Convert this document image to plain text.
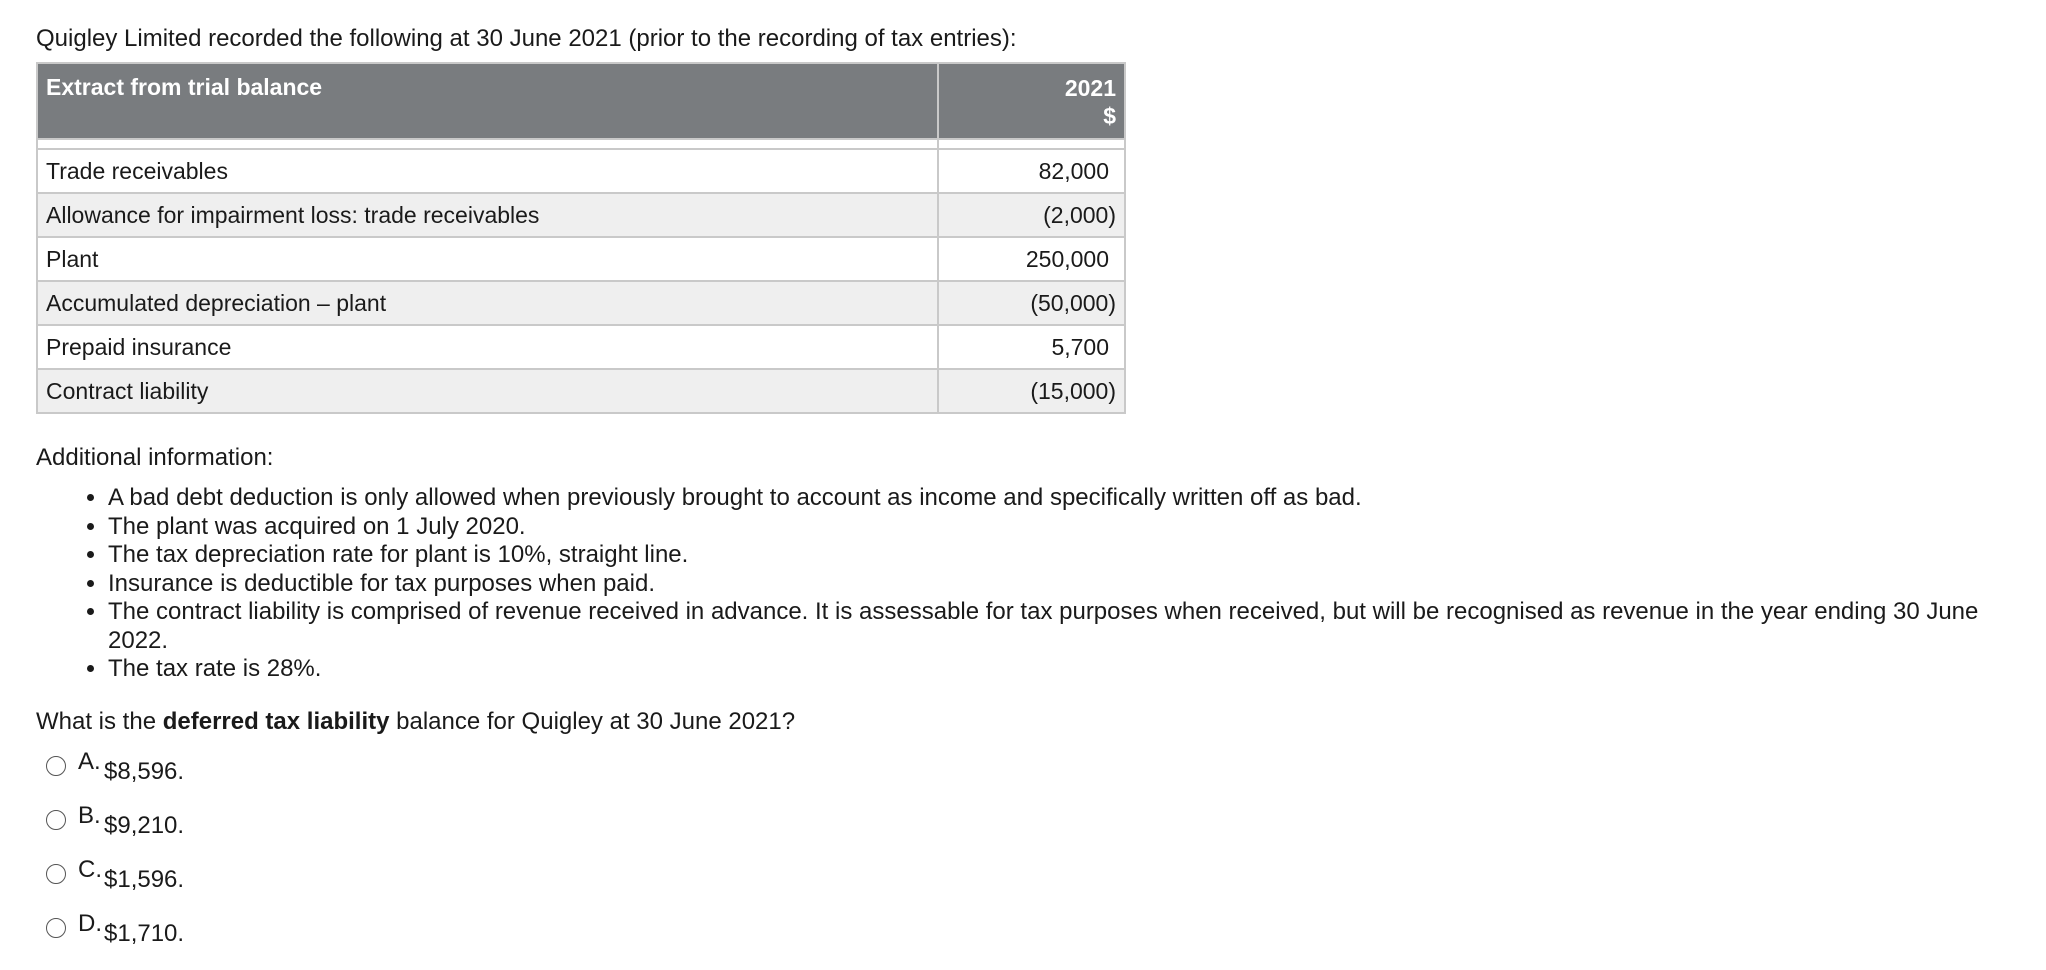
Quigley Limited recorded the following at 30 June 2021 (prior to the recording of tax entries):

Extract from trial balance	2021
$

Trade receivables	82,000
Allowance for impairment loss: trade receivables	(2,000)
Plant	250,000
Accumulated depreciation – plant	(50,000)
Prepaid insurance	5,700
Contract liability	(15,000)

Additional information:

• A bad debt deduction is only allowed when previously brought to account as income and specifically written off as bad.
• The plant was acquired on 1 July 2020.
• The tax depreciation rate for plant is 10%, straight line.
• Insurance is deductible for tax purposes when paid.
• The contract liability is comprised of revenue received in advance. It is assessable for tax purposes when received, but will be recognised as revenue in the year ending 30 June 2022.
• The tax rate is 28%.

What is the deferred tax liability balance for Quigley at 30 June 2021?

A. $8,596.
B. $9,210.
C. $1,596.
D. $1,710.
